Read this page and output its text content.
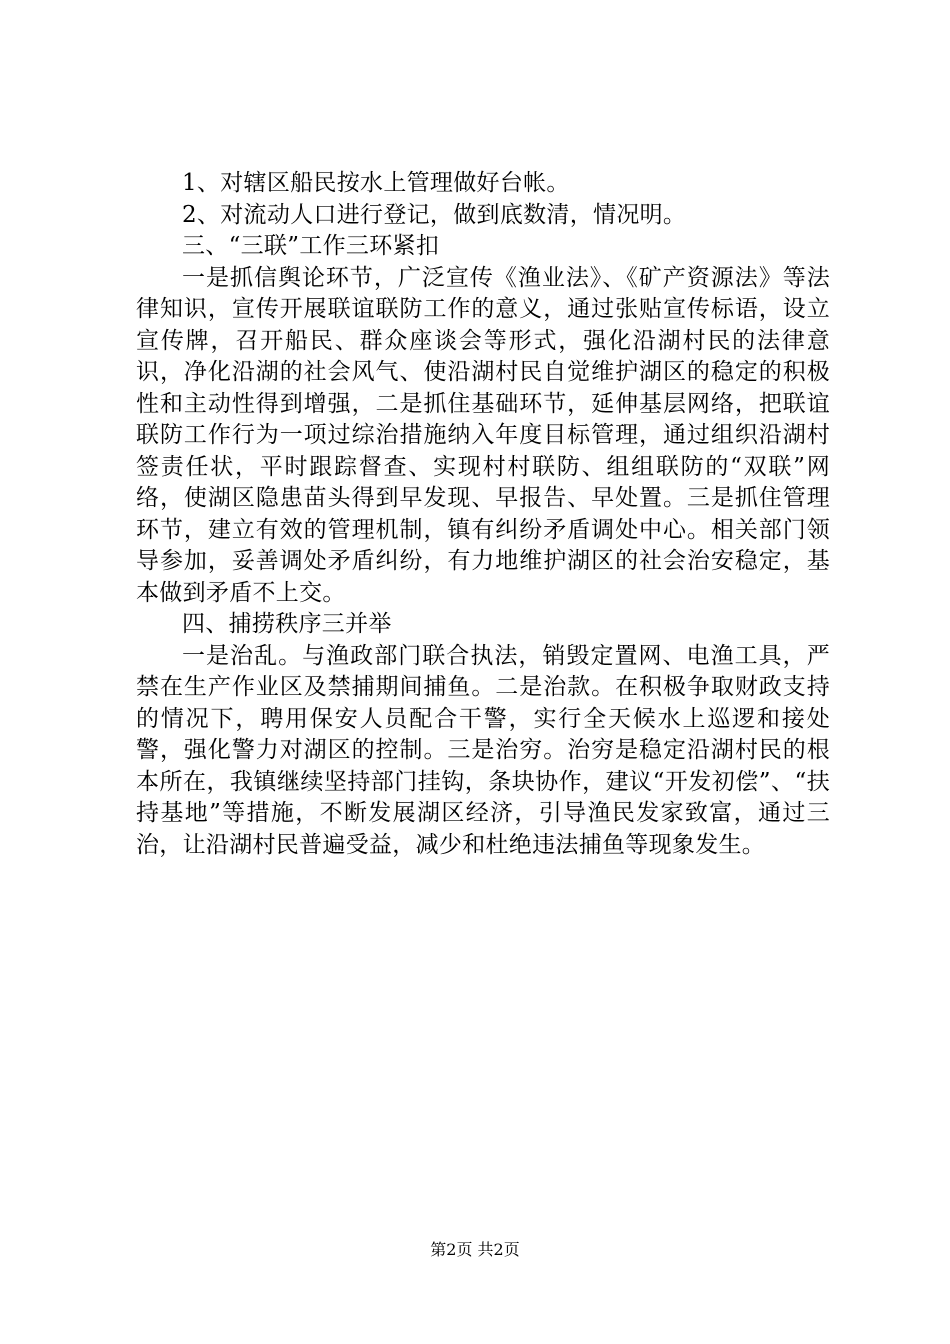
1、对辖区船民按水上管理做好台帐。

2、对流动人口进行登记，做到底数清，情况明。

三、“三联”工作三环紧扣

一是抓信舆论环节，广泛宣传《渔业法》、《矿产资源法》等法律知识，宣传开展联谊联防工作的意义，通过张贴宣传标语，设立宣传牌，召开船民、群众座谈会等形式，强化沿湖村民的法律意识，净化沿湖的社会风气、使沿湖村民自觉维护湖区的稳定的积极性和主动性得到增强，二是抓住基础环节，延伸基层网络，把联谊联防工作行为一项过综治措施纳入年度目标管理，通过组织沿湖村签责任状，平时跟踪督查、实现村村联防、组组联防的“双联”网络，使湖区隐患苗头得到早发现、早报告、早处置。三是抓住管理环节，建立有效的管理机制，镇有纠纷矛盾调处中心。相关部门领导参加，妥善调处矛盾纠纷，有力地维护湖区的社会治安稳定，基本做到矛盾不上交。

四、捕捞秩序三并举

一是治乱。与渔政部门联合执法，销毁定置网、电渔工具，严禁在生产作业区及禁捕期间捕鱼。二是治款。在积极争取财政支持的情况下，聘用保安人员配合干警，实行全天候水上巡逻和接处警，强化警力对湖区的控制。三是治穷。治穷是稳定沿湖村民的根本所在，我镇继续坚持部门挂钩，条块协作，建议“开发初偿”、“扶持基地”等措施，不断发展湖区经济，引导渔民发家致富，通过三治，让沿湖村民普遍受益，减少和杜绝违法捕鱼等现象发生。

第2页 共2页
